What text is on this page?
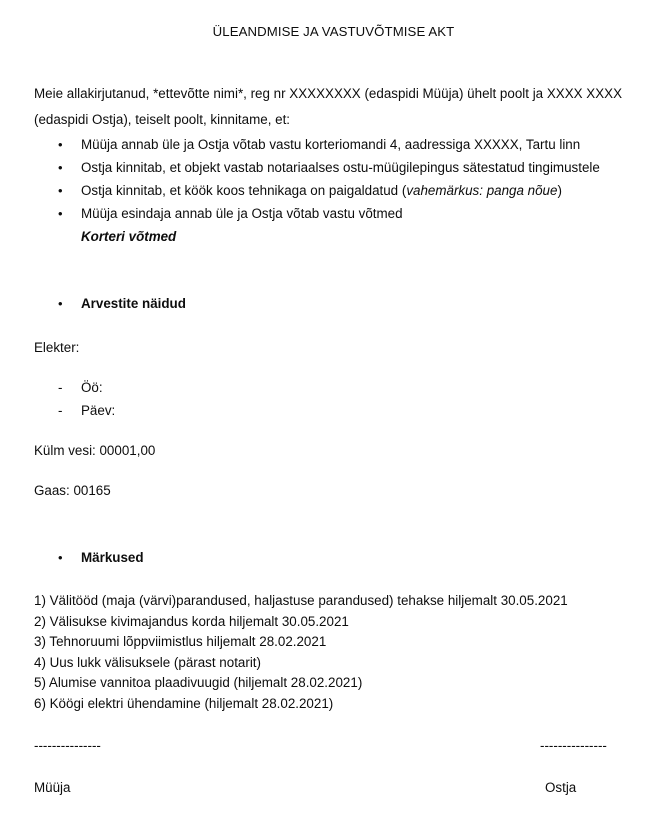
ÜLEANDMISE JA VASTUVÕTMISE AKT

Meie allakirjutanud, *ettevõtte nimi*, reg nr XXXXXXXX (edaspidi Müüja) ühelt poolt ja XXXX XXXX (edaspidi Ostja), teiselt poolt, kinnitame, et:

• Müüja annab üle ja Ostja võtab vastu korteriomandi 4, aadressiga XXXXX, Tartu linn
• Ostja kinnitab, et objekt vastab notariaalses ostu-müügilepingus sätestatud tingimustele
• Ostja kinnitab, et köök koos tehnikaga on paigaldatud (vahemärkus: panga nõue)
• Müüja esindaja annab üle ja Ostja võtab vastu võtmed
Korteri võtmed
• Arvestite näidud
Elekter:
- Öö:
- Päev:
Külm vesi: 00001,00
Gaas: 00165
• Märkused
1) Välitööd (maja (värvi)parandused, haljastuse parandused) tehakse hiljemalt 30.05.2021
2) Välisukse kivimajandus korda hiljemalt 30.05.2021
3) Tehnoruumi lõppviimistlus hiljemalt 28.02.2021
4) Uus lukk välisuksele (pärast notarit)
5) Alumise vannitoa plaadivuugid (hiljemalt 28.02.2021)
6) Köögi elektri ühendamine (hiljemalt 28.02.2021)
---------------	---------------
Müüja	Ostja
